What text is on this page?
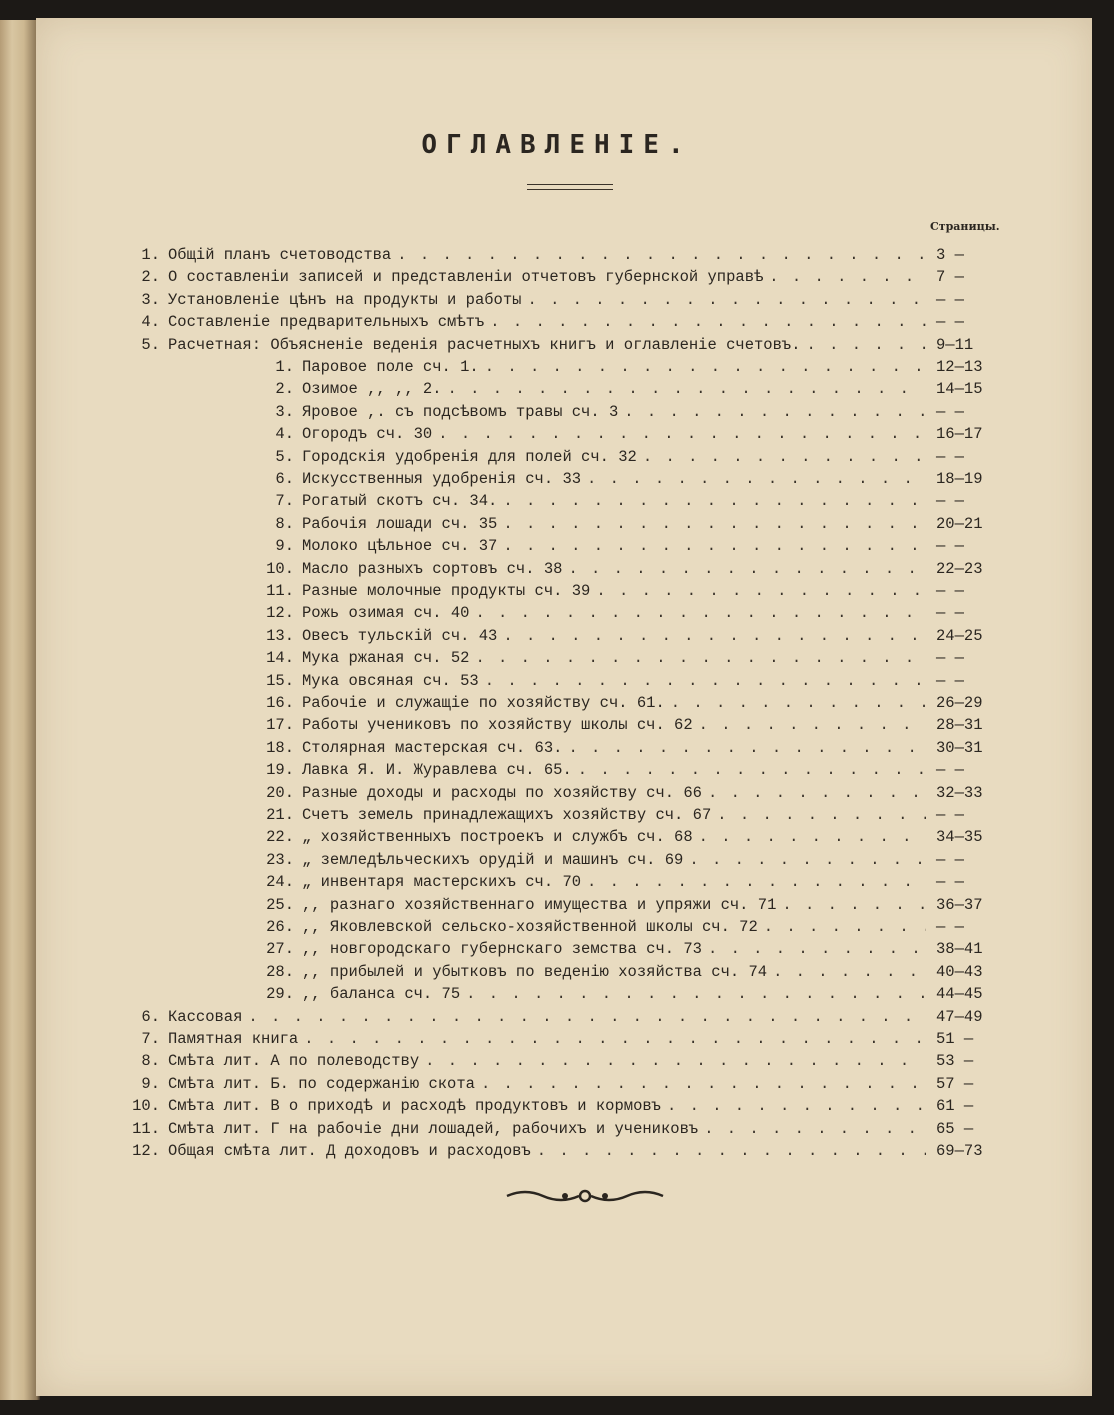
ОГЛАВЛЕНІЕ.
Страницы.
1. Общій планъ счетоводства . . .	3 —
2. О составленіи записей и представленіи отчетовъ губернской управѣ . . .	7 —
3. Установленіе цѣнъ на продукты и работы . . .	— —
4. Составленіе предварительныхъ смѣтъ . . .	— —
5. Расчетная: Объясненіе веденія расчетныхъ книгъ и оглавленіе счетовъ. . . .	9—11
1. Паровое поле сч. 1. . . .	12—13
2. Озимое ,, ,, 2. . . .	14—15
3. Яровое ,. съ подсѣвомъ травы сч. 3 . . .	— —
4. Огородъ сч. 30 . . .	16—17
5. Городскія удобренія для полей сч. 32 . . .	— —
6. Искусственныя удобренія сч. 33 . . .	18—19
7. Рогатый скотъ сч. 34. . . .	— —
8. Рабочія лошади сч. 35 . . .	20—21
9. Молоко цѣльное сч. 37 . . .	— —
10. Масло разныхъ сортовъ сч. 38 . . .	22—23
11. Разные молочные продукты сч. 39 . . .	— —
12. Рожь озимая сч. 40 . . .	— —
13. Овесъ тульскій сч. 43 . . .	24—25
14. Мука ржаная сч. 52 . . .	— —
15. Мука овсяная сч. 53 . . .	— —
16. Рабочіе и служащіе по хозяйству сч. 61. . . .	26—29
17. Работы учениковъ по хозяйству школы сч. 62 . . .	28—31
18. Столярная мастерская сч. 63. . . .	30—31
19. Лавка Я. И. Журавлева сч. 65. . . .	— —
20. Разные доходы и расходы по хозяйству сч. 66 . . .	32—33
21. Счетъ земель принадлежащихъ хозяйству сч. 67 . . .	— —
22. „ хозяйственныхъ построекъ и службъ сч. 68 . . .	34—35
23. „ земледѣльческихъ орудій и машинъ сч. 69 . . .	— —
24. „ инвентаря мастерскихъ сч. 70 . . .	— —
25. ,, разнаго хозяйственнаго имущества и упряжи сч. 71 . . .	36—37
26. ,, Яковлевской сельско-хозяйственной школы сч. 72 . . .	— —
27. ,, новгородскаго губернскаго земства сч. 73 . . .	38—41
28. ,, прибылей и убытковъ по веденію хозяйства сч. 74 . . .	40—43
29. ,, баланса сч. 75 . . .	44—45
6. Кассовая . . .	47—49
7. Памятная книга . . .	51 —
8. Смѣта лит. А по полеводству . . .	53 —
9. Смѣта лит. Б. по содержанію скота . . .	57 —
10. Смѣта лит. В о приходѣ и расходѣ продуктовъ и кормовъ . . .	61 —
11. Смѣта лит. Г на рабочіе дни лошадей, рабочихъ и учениковъ . . .	65 —
12. Общая смѣта лит. Д доходовъ и расходовъ . . .	69—73
